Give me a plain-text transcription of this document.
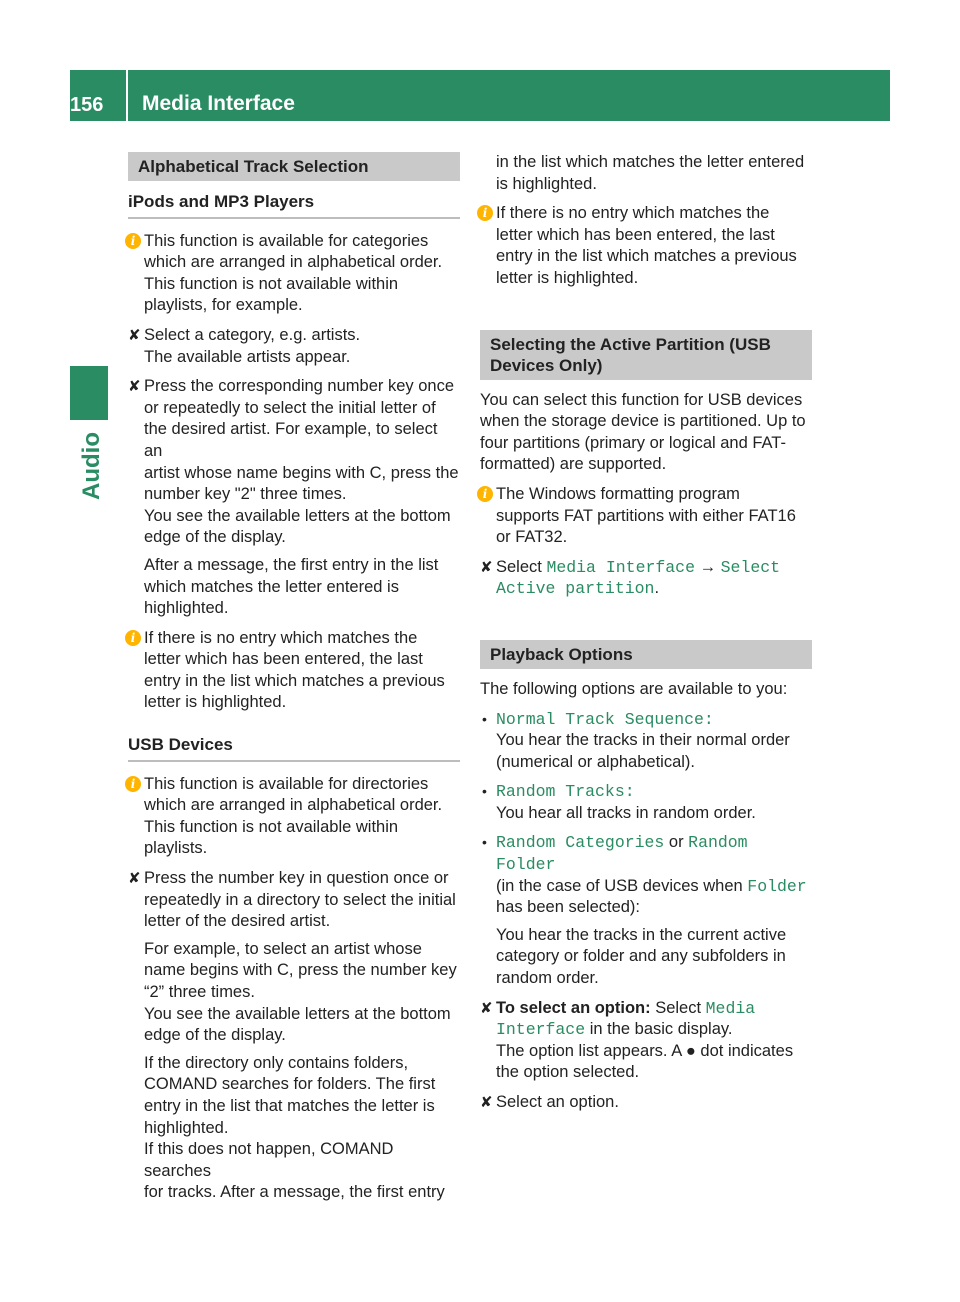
156	Media Interface
Audio
Alphabetical Track Selection
iPods and MP3 Players
i This function is available for categories
which are arranged in alphabetical order.
This function is not available within
playlists, for example.
✘ Select a category, e.g. artists.
The available artists appear.
✘ Press the corresponding number key once
or repeatedly to select the initial letter of
the desired artist. For example, to select an
artist whose name begins with C, press the
number key "2" three times.
You see the available letters at the bottom
edge of the display.
After a message, the first entry in the list
which matches the letter entered is
highlighted.
i If there is no entry which matches the
letter which has been entered, the last
entry in the list which matches a previous
letter is highlighted.
USB Devices
i This function is available for directories
which are arranged in alphabetical order.
This function is not available within
playlists.
✘ Press the number key in question once or
repeatedly in a directory to select the initial
letter of the desired artist.
For example, to select an artist whose
name begins with C, press the number key
“2” three times.
You see the available letters at the bottom
edge of the display.
If the directory only contains folders,
COMAND searches for folders. The first
entry in the list that matches the letter is
highlighted.
If this does not happen, COMAND searches
for tracks. After a message, the first entry
in the list which matches the letter entered
is highlighted.
i If there is no entry which matches the
letter which has been entered, the last
entry in the list which matches a previous
letter is highlighted.
Selecting the Active Partition (USB
Devices Only)
You can select this function for USB devices
when the storage device is partitioned. Up to
four partitions (primary or logical and FAT-
formatted) are supported.
i The Windows formatting program
supports FAT partitions with either FAT16
or FAT32.
✘ Select Media Interface → Select
Active partition.
Playback Options
The following options are available to you:
• Normal Track Sequence:
You hear the tracks in their normal order
(numerical or alphabetical).
• Random Tracks:
You hear all tracks in random order.
• Random Categories or Random Folder
(in the case of USB devices when Folder
has been selected):
You hear the tracks in the current active
category or folder and any subfolders in
random order.
✘ To select an option: Select Media
Interface in the basic display.
The option list appears. A ● dot indicates
the option selected.
✘ Select an option.
